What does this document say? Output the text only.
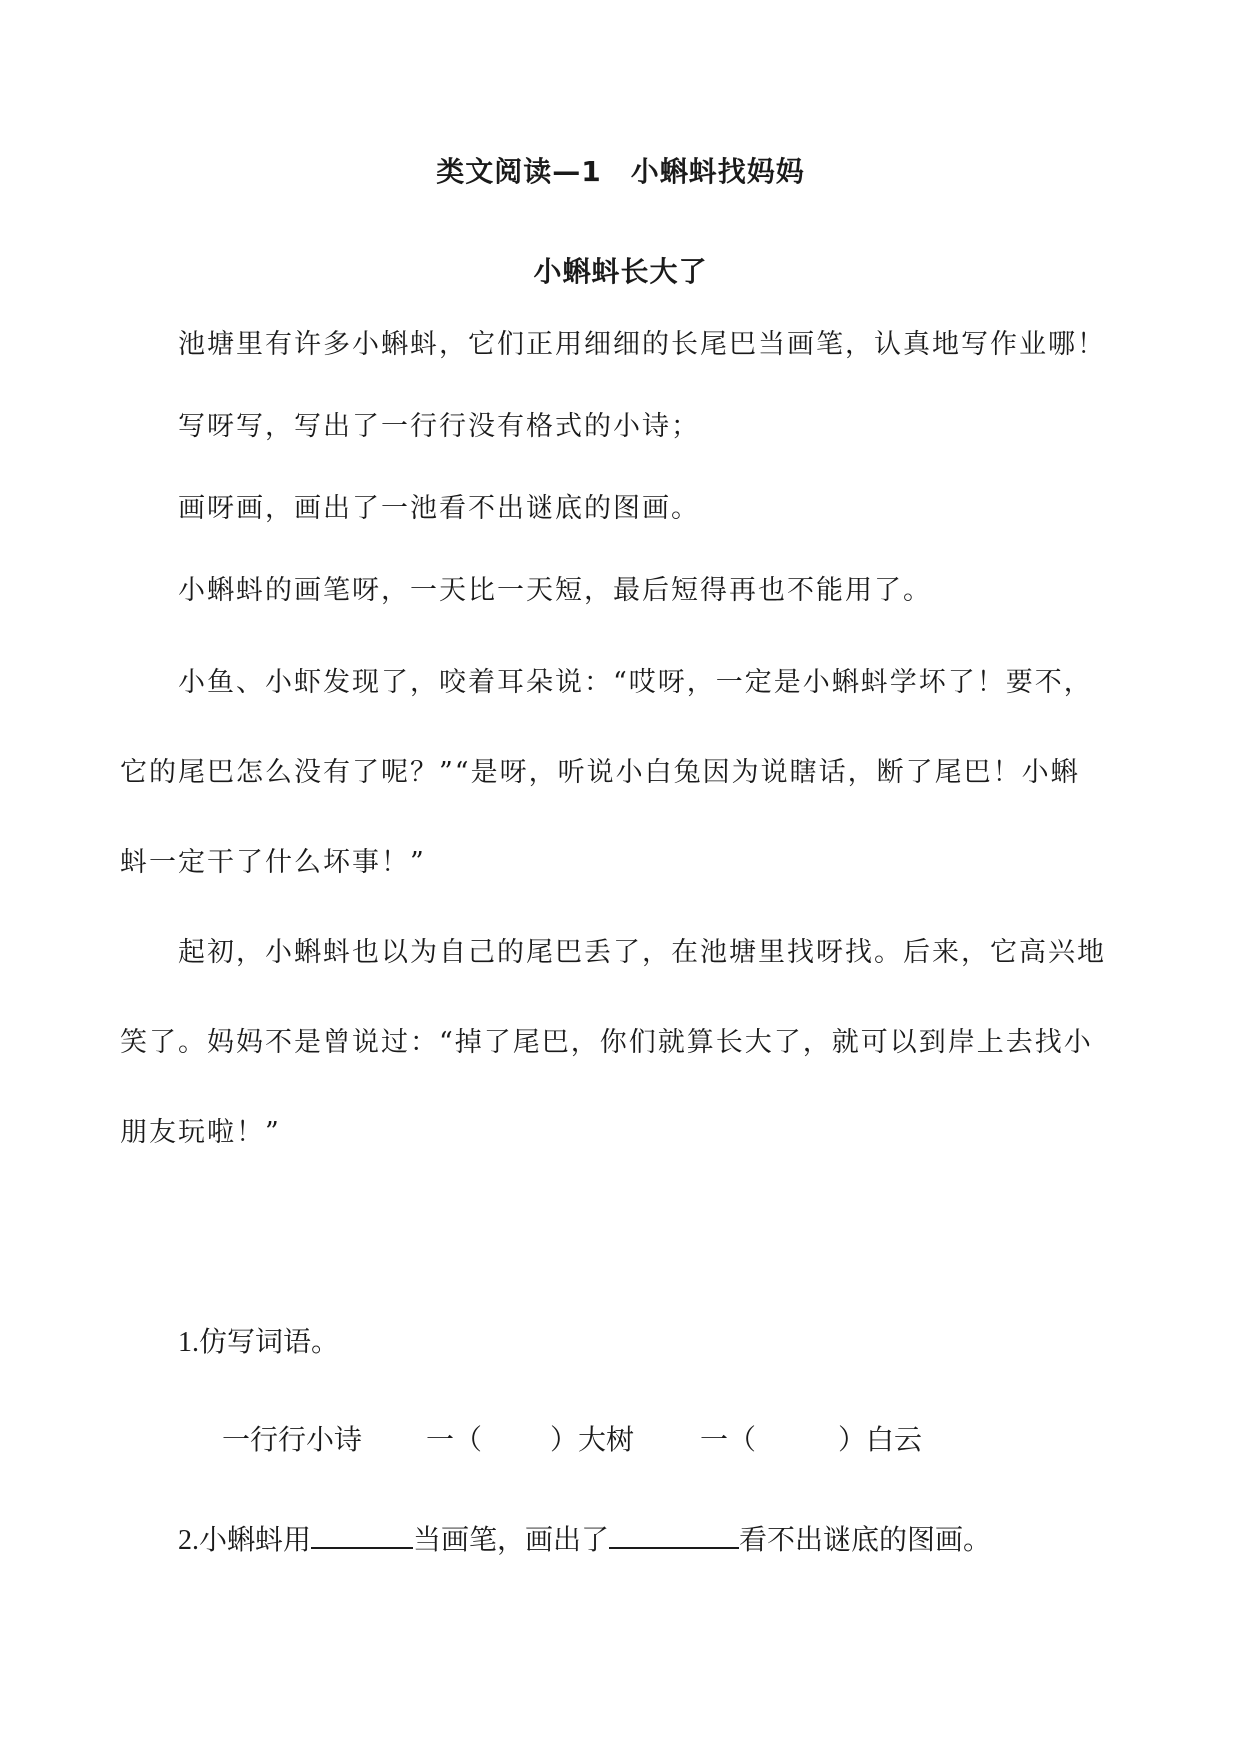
类文阅读—1　小蝌蚪找妈妈
小蝌蚪长大了
池塘里有许多小蝌蚪，它们正用细细的长尾巴当画笔，认真地写作业哪！
写呀写，写出了一行行没有格式的小诗；
画呀画，画出了一池看不出谜底的图画。
小蝌蚪的画笔呀，一天比一天短，最后短得再也不能用了。
小鱼、小虾发现了，咬着耳朵说：“哎呀，一定是小蝌蚪学坏了！要不，
它的尾巴怎么没有了呢？”“是呀，听说小白兔因为说瞎话，断了尾巴！小蝌
蚪一定干了什么坏事！”
起初，小蝌蚪也以为自己的尾巴丢了，在池塘里找呀找。后来，它高兴地
笑了。妈妈不是曾说过：“掉了尾巴，你们就算长大了，就可以到岸上去找小
朋友玩啦！”
1.仿写词语。
一行行小诗 一（ ）大树 一（	）白云
2.小蝌蚪用	当画笔，画出了	看不出谜底的图画。
